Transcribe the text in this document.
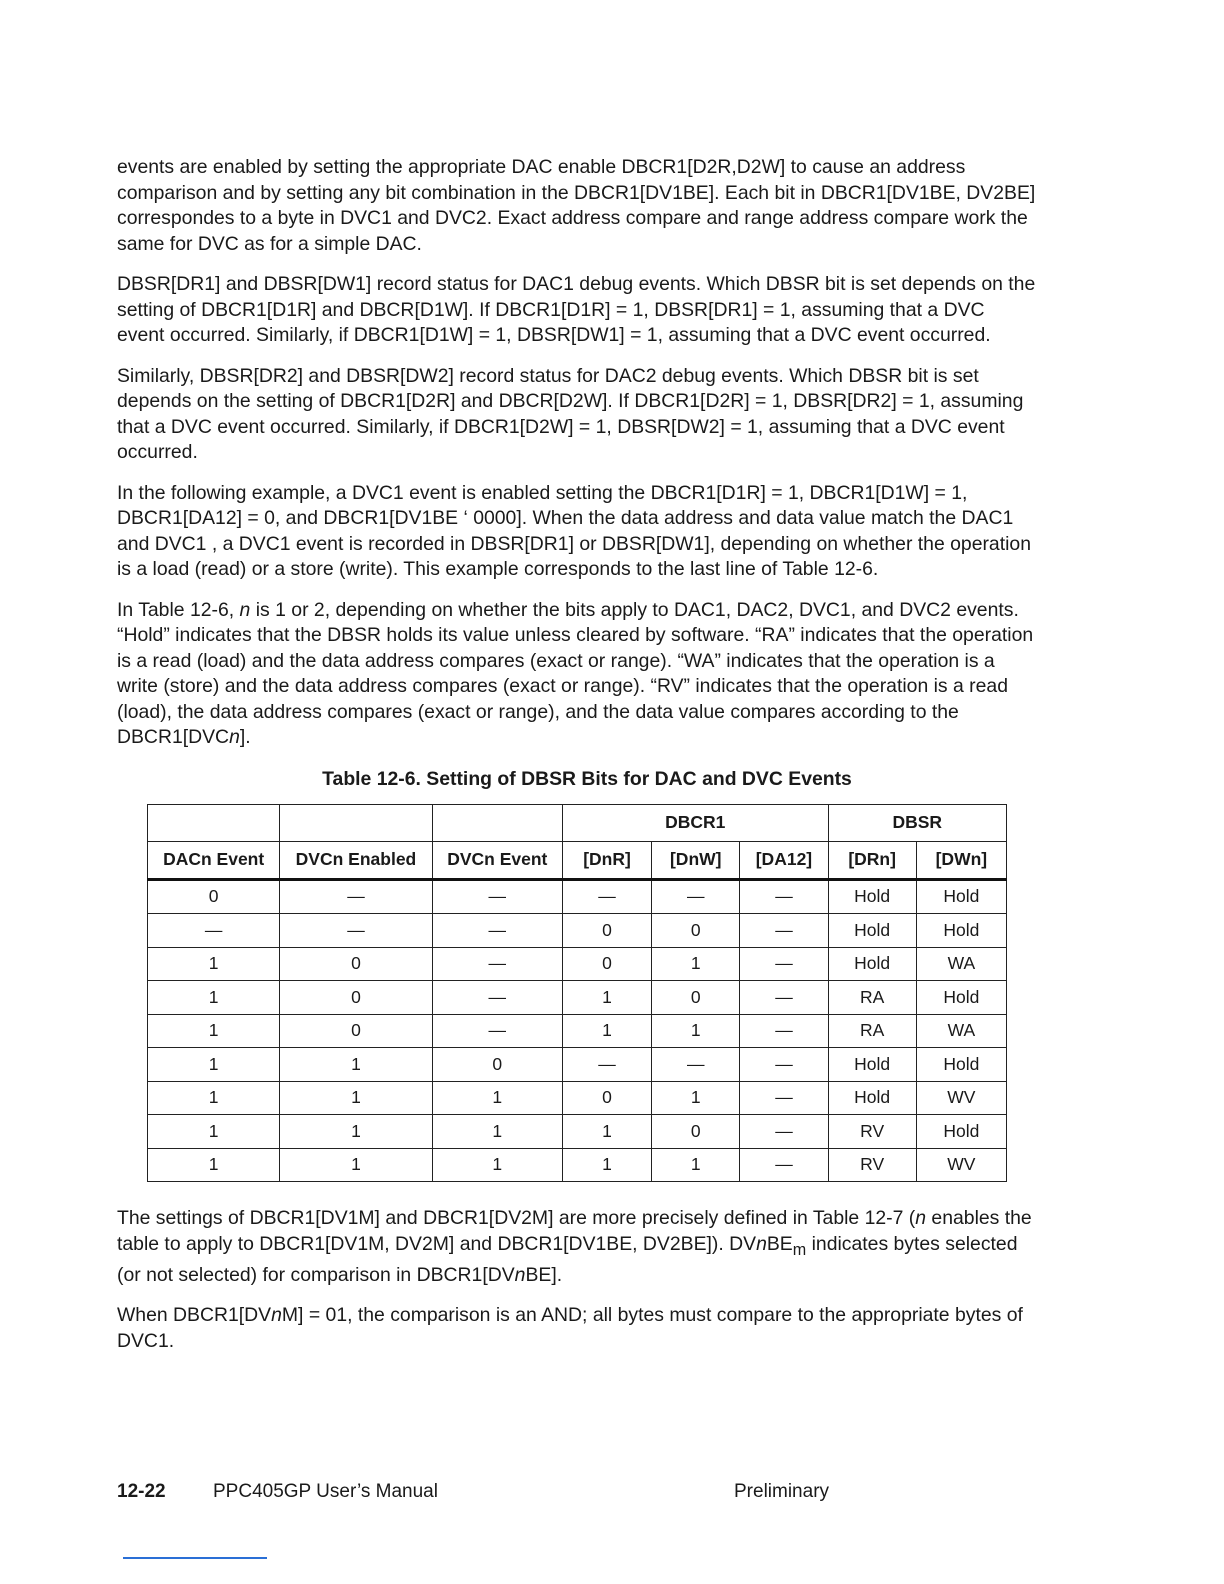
events are enabled by setting the appropriate DAC enable DBCR1[D2R,D2W] to cause an address comparison and by setting any bit combination in the DBCR1[DV1BE]. Each bit in DBCR1[DV1BE, DV2BE] correspondes to a byte in DVC1 and DVC2. Exact address compare and range address compare work the same for DVC as for a simple DAC.

DBSR[DR1] and DBSR[DW1] record status for DAC1 debug events. Which DBSR bit is set depends on the setting of DBCR1[D1R] and DBCR[D1W]. If DBCR1[D1R] = 1, DBSR[DR1] = 1, assuming that a DVC event occurred. Similarly, if DBCR1[D1W] = 1, DBSR[DW1] = 1, assuming that a DVC event occurred.

Similarly, DBSR[DR2] and DBSR[DW2] record status for DAC2 debug events. Which DBSR bit is set depends on the setting of DBCR1[D2R] and DBCR[D2W]. If DBCR1[D2R] = 1, DBSR[DR2] = 1, assuming that a DVC event occurred. Similarly, if DBCR1[D2W] = 1, DBSR[DW2] = 1, assuming that a DVC event occurred.

In the following example, a DVC1 event is enabled setting the DBCR1[D1R] = 1, DBCR1[D1W] = 1, DBCR1[DA12] = 0, and DBCR1[DV1BE ‘ 0000]. When the data address and data value match the DAC1 and DVC1 , a DVC1 event is recorded in DBSR[DR1] or DBSR[DW1], depending on whether the operation is a load (read) or a store (write). This example corresponds to the last line of Table 12-6.

In Table 12-6, n is 1 or 2, depending on whether the bits apply to DAC1, DAC2, DVC1, and DVC2 events. “Hold” indicates that the DBSR holds its value unless cleared by software. “RA” indicates that the operation is a read (load) and the data address compares (exact or range). “WA” indicates that the operation is a write (store) and the data address compares (exact or range). “RV” indicates that the operation is a read (load), the data address compares (exact or range), and the data value compares according to the DBCR1[DVCn].

Table 12-6. Setting of DBSR Bits for DAC and DVC Events
			DBCR1			DBSR	
DACn Event	DVCn Enabled	DVCn Event	[DnR]	[DnW]	[DA12]	[DRn]	[DWn]
0	—	—	—	—	—	Hold	Hold
—	—	—	0	0	—	Hold	Hold
1	0	—	0	1	—	Hold	WA
1	0	—	1	0	—	RA	Hold
1	0	—	1	1	—	RA	WA
1	1	0	—	—	—	Hold	Hold
1	1	1	0	1	—	Hold	WV
1	1	1	1	0	—	RV	Hold
1	1	1	1	1	—	RV	WV

The settings of DBCR1[DV1M] and DBCR1[DV2M] are more precisely defined in Table 12-7 (n enables the table to apply to DBCR1[DV1M, DV2M] and DBCR1[DV1BE, DV2BE]). DVnBE$_m$ indicates bytes selected (or not selected) for comparison in DBCR1[DVnBE].

When DBCR1[DVnM] = 01, the comparison is an AND; all bytes must compare to the appropriate bytes of DVC1.

12-22 PPC405GP User’s Manual	Preliminary
